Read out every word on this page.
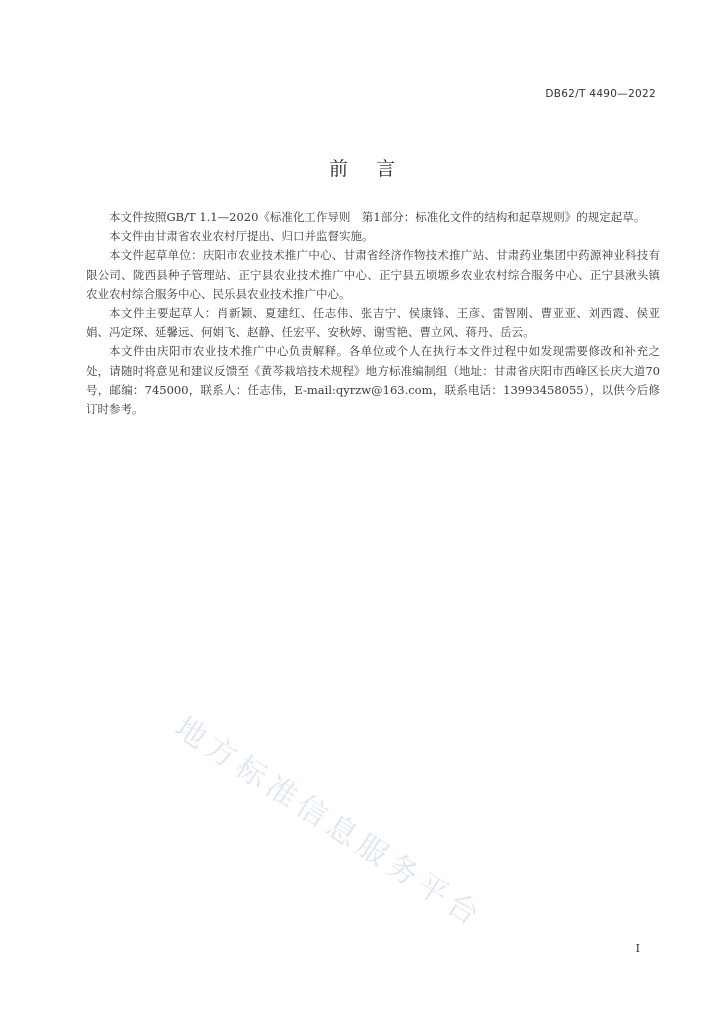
DB62/T 4490—2022
前言

本文件按照GB/T 1.1—2020《标准化工作导则　第1部分：标准化文件的结构和起草规则》的规定起草。

本文件由甘肃省农业农村厅提出、归口并监督实施。

本文件起草单位：庆阳市农业技术推广中心、甘肃省经济作物技术推广站、甘肃药业集团中药源神业科技有限公司、陇西县种子管理站、正宁县农业技术推广中心、正宁县五顷塬乡农业农村综合服务中心、正宁县湫头镇农业农村综合服务中心、民乐县农业技术推广中心。

本文件主要起草人：肖新颖、夏建红、任志伟、张吉宁、侯康锋、王彦、雷智刚、曹亚亚、刘西霞、侯亚娟、冯定琛、延馨远、何娟飞、赵静、任宏平、安秋婷、谢雪艳、曹立风、蒋丹、岳云。

本文件由庆阳市农业技术推广中心负责解释。各单位或个人在执行本文件过程中如发现需要修改和补充之处，请随时将意见和建议反馈至《黄芩栽培技术规程》地方标准编制组（地址：甘肃省庆阳市西峰区长庆大道70号，邮编：745000，联系人：任志伟，E-mail:qyrzw@163.com，联系电话：13993458055），以供今后修订时参考。

地方标准信息服务平台
I
